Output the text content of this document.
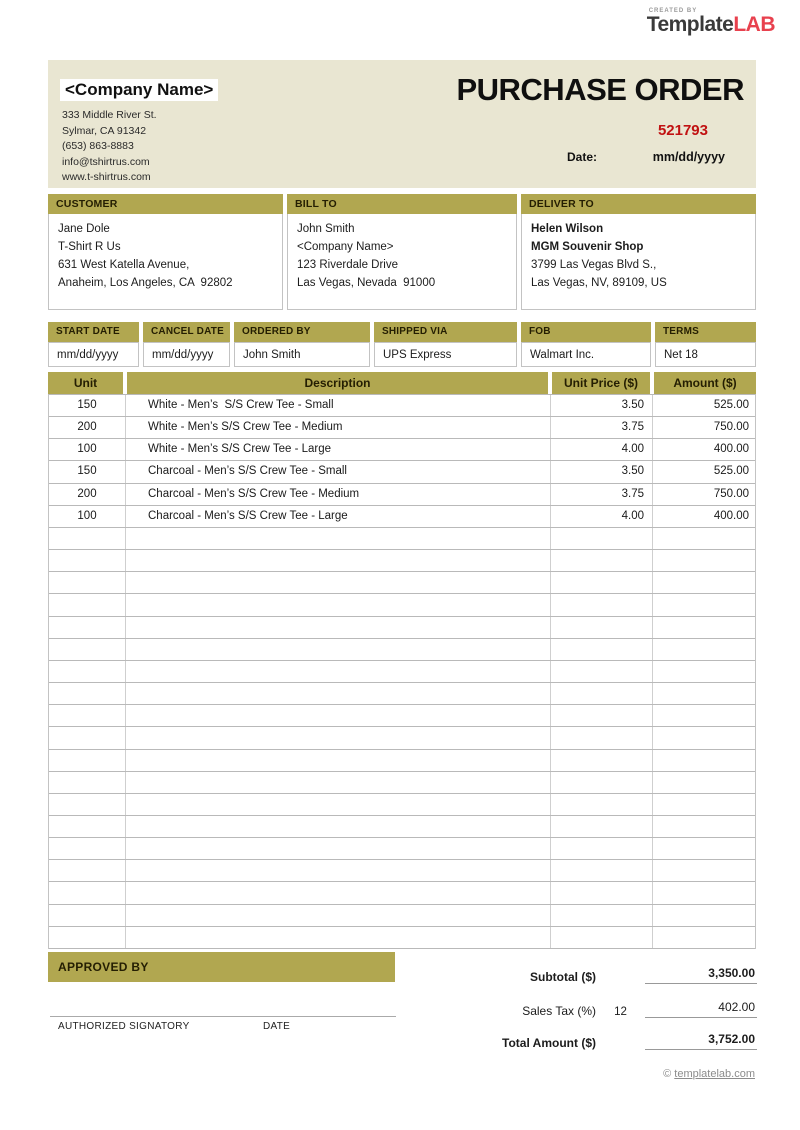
CREATED BY
TemplateLAB
<Company Name>
333 Middle River St.
Sylmar, CA 91342
(653) 863-8883
info@tshirtrus.com
www.t-shirtrus.com
PURCHASE ORDER
521793
Date:	mm/dd/yyyy
CUSTOMER
Jane Dole
T-Shirt R Us
631 West Katella Avenue,
Anaheim, Los Angeles, CA  92802
BILL TO
John Smith
<Company Name>
123 Riverdale Drive
Las Vegas, Nevada  91000
DELIVER TO
Helen Wilson
MGM Souvenir Shop
3799 Las Vegas Blvd S.,
Las Vegas, NV, 89109, US
START DATE
mm/dd/yyyy
CANCEL DATE
mm/dd/yyyy
ORDERED BY
John Smith
SHIPPED VIA
UPS Express
FOB
Walmart Inc.
TERMS
Net 18
Unit	Description	Unit Price ($)	Amount ($)
150	White - Men’s  S/S Crew Tee - Small	3.50	525.00
200	White - Men’s S/S Crew Tee - Medium	3.75	750.00
100	White - Men’s S/S Crew Tee - Large	4.00	400.00
150	Charcoal - Men’s S/S Crew Tee - Small	3.50	525.00
200	Charcoal - Men’s S/S Crew Tee - Medium	3.75	750.00
100	Charcoal - Men’s S/S Crew Tee - Large	4.00	400.00
APPROVED BY
AUTHORIZED SIGNATORY	DATE
Subtotal ($)	3,350.00
Sales Tax (%)	12	402.00
Total Amount ($)	3,752.00
© templatelab.com
